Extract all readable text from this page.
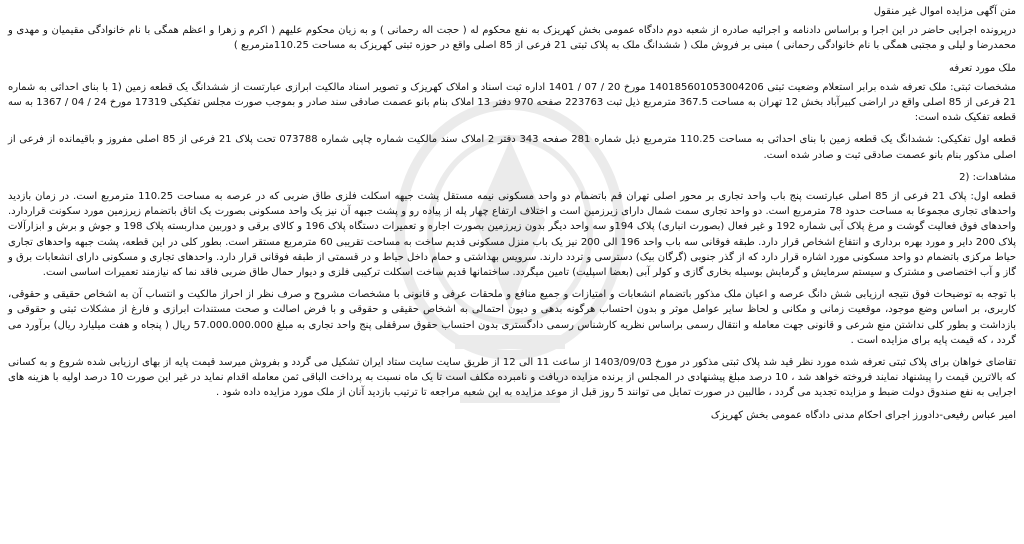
متن آگهی مزایده اموال غیر منقول

درپرونده اجرایی حاضر در این اجرا و براساس دادنامه و اجرائیه صادره از شعبه دوم دادگاه عمومی بخش کهریزک به نفع محکوم له ( حجت اله رحمانی ) و به زیان محکوم علیهم ( اکرم و زهرا و اعظم همگی با نام خانوادگی مقیمیان و مهدی و محمدرضا و لیلی و مجتبی همگی با نام خانوادگی رحمانی ) مبنی بر فروش ملک ( ششدانگ ملک به پلاک ثبتی 21 فرعی از 85 اصلی واقع در حوزه ثبتی کهریزک به مساحت 110.25مترمربع )

ملک مورد تعرفه

مشخصات ثبتی: ملک تعرفه شده برابر استعلام وضعیت ثبتی 140185601053004206 مورخ 20 / 07 / 1401 اداره ثبت اسناد و املاک کهریزک و تصویر اسناد مالکیت ابرازی عبارتست از ششدانگ یک قطعه زمین (1 با بنای احداثی به شماره 21 فرعی از 85 اصلی واقع در اراضی کبیرآباد بخش 12 تهران به مساحت 367.5 مترمربع ذیل ثبت 223763 صفحه 970 دفتر 13 املاک بنام بانو عصمت صادقی سند صادر و بموجب صورت مجلس تفکیکی 17319 مورخ 24 / 04 / 1367 به سه قطعه تفکیک شده است:

قطعه اول تفکیکی: ششدانگ یک قطعه زمین با بنای احداثی به مساحت 110.25 مترمربع ذیل شماره 281 صفحه 343 دفتر 2 املاک سند مالکیت شماره چاپی شماره 073788 تحت پلاک 21 فرعی از 85 اصلی مفروز و باقیمانده از فرعی از اصلی مذکور بنام بانو عصمت صادقی ثبت و صادر شده است.

مشاهدات: (2

قطعه اول: پلاک 21 فرعی از 85 اصلی عبارتست پنج باب واحد تجاری بر محور اصلی تهران قم باتضمام دو واحد مسکونی نیمه مستقل پشت جبهه اسکلت فلزی طاق ضربی که در عرصه به مساحت 110.25 مترمربع است. در زمان بازدید واحدهای تجاری مجموعا به مساحت حدود 78 مترمربع است. دو واحد تجاری سمت شمال دارای زیرزمین است و اختلاف ارتفاع چهار پله از پیاده رو و پشت جبهه آن نیز یک واحد مسکونی بصورت یک اتاق باتضمام زیرزمین مورد سکونت قراردارد. واحدهای فوق فعالیت گوشت و مرغ پلاک آبی شماره 192 و غیر فعال (بصورت انباری) پلاک 194و سه واحد دیگر بدون زیرزمین بصورت اجاره و تعمیرات دستگاه پلاک 196 و کالای برقی و دوربین مداربسته پلاک 198 و جوش و برش و ابزارآلات پلاک 200 دایر و مورد بهره برداری و انتفاع اشخاص قرار دارد. طبقه فوقانی سه باب واحد 196 الی 200 نیز یک باب منزل مسکونی قدیم ساخت به مساحت تقریبی 60 مترمربع مستقر است. بطور کلی در این قطعه، پشت جبهه واحدهای تجاری حیاط مرکزی باتضمام دو واحد مسکونی مورد اشاره قرار دارد که از گذر جنوبی (گرگان بیک) دسترسی و تردد دارند. سرویس بهداشتی و حمام داخل حیاط و در قسمتی از طبقه فوقانی قرار دارد. واحدهای تجاری و مسکونی دارای انشعابات برق و گاز و آب اختصاصی و مشترک و سیستم سرمایش و گرمایش بوسیله بخاری گازی و کولر آبی (بعضا اسپلیت) تامین میگردد. ساختمانها قدیم ساخت اسکلت ترکیبی فلزی و دیوار حمال طاق ضربی فاقد نما که نیازمند تعمیرات اساسی است.

با توجه به توضیحات فوق نتیجه ارزیابی شش دانگ عرصه و اعیان ملک مذکور باتضمام انشعابات و امتیازات و جمیع منافع و ملحقات عرفی و قانونی با مشخصات مشروح و صرف نظر از احراز مالکیت و انتساب آن به اشخاص حقیقی و حقوقی، کاربری، بر اساس وضع موجود، موقعیت زمانی و مکانی و لحاظ سایر عوامل موثر و بدون احتساب هرگونه بدهی و دیون احتمالی به اشخاص حقیقی و حقوقی و با فرض اصالت و صحت مستندات ابرازی و فارغ از مشکلات ثبتی و حقوقی و بازداشت و بطور کلی نداشتن منع شرعی و قانونی جهت معامله و انتقال رسمی براساس نظریه کارشناس رسمی دادگستری بدون احتساب حقوق سرقفلی پنج واحد تجاری به مبلغ 57.000.000.000 ریال ( پنجاه و هفت میلیارد ریال) برآورد می گردد ، که قیمت پایه برای مزایده است .

تقاضای خواهان برای پلاک ثبتی تعرفه شده مورد نظر قید شد پلاک ثبتی مذکور در مورخ 1403/09/03 از ساعت 11 الی 12 از طریق سایت سایت ستاد ایران تشکیل می گردد و بفروش میرسد قیمت پایه از بهای ارزیابی شده شروع و به کسانی که بالاترین قیمت را پیشنهاد نمایند فروخته خواهد شد ، 10 درصد مبلغ پیشنهادی در المجلس از برنده مزایده دریافت و نامبرده مکلف است تا یک ماه نسبت به پرداخت الباقی ثمن معامله اقدام نماید در غیر این صورت 10 درصد اولیه با هزینه های اجرایی به نفع صندوق دولت ضبط و مزایده تجدید می گردد ، طالبین در صورت تمایل می توانند 5 روز قبل از موعد مزایده به این شعبه مراجعه تا ترتیب بازدید آنان از ملک مورد مزایده داده شود .

امیر عباس رفیعی-دادورز اجرای احکام مدنی دادگاه عمومی بخش کهریزک
